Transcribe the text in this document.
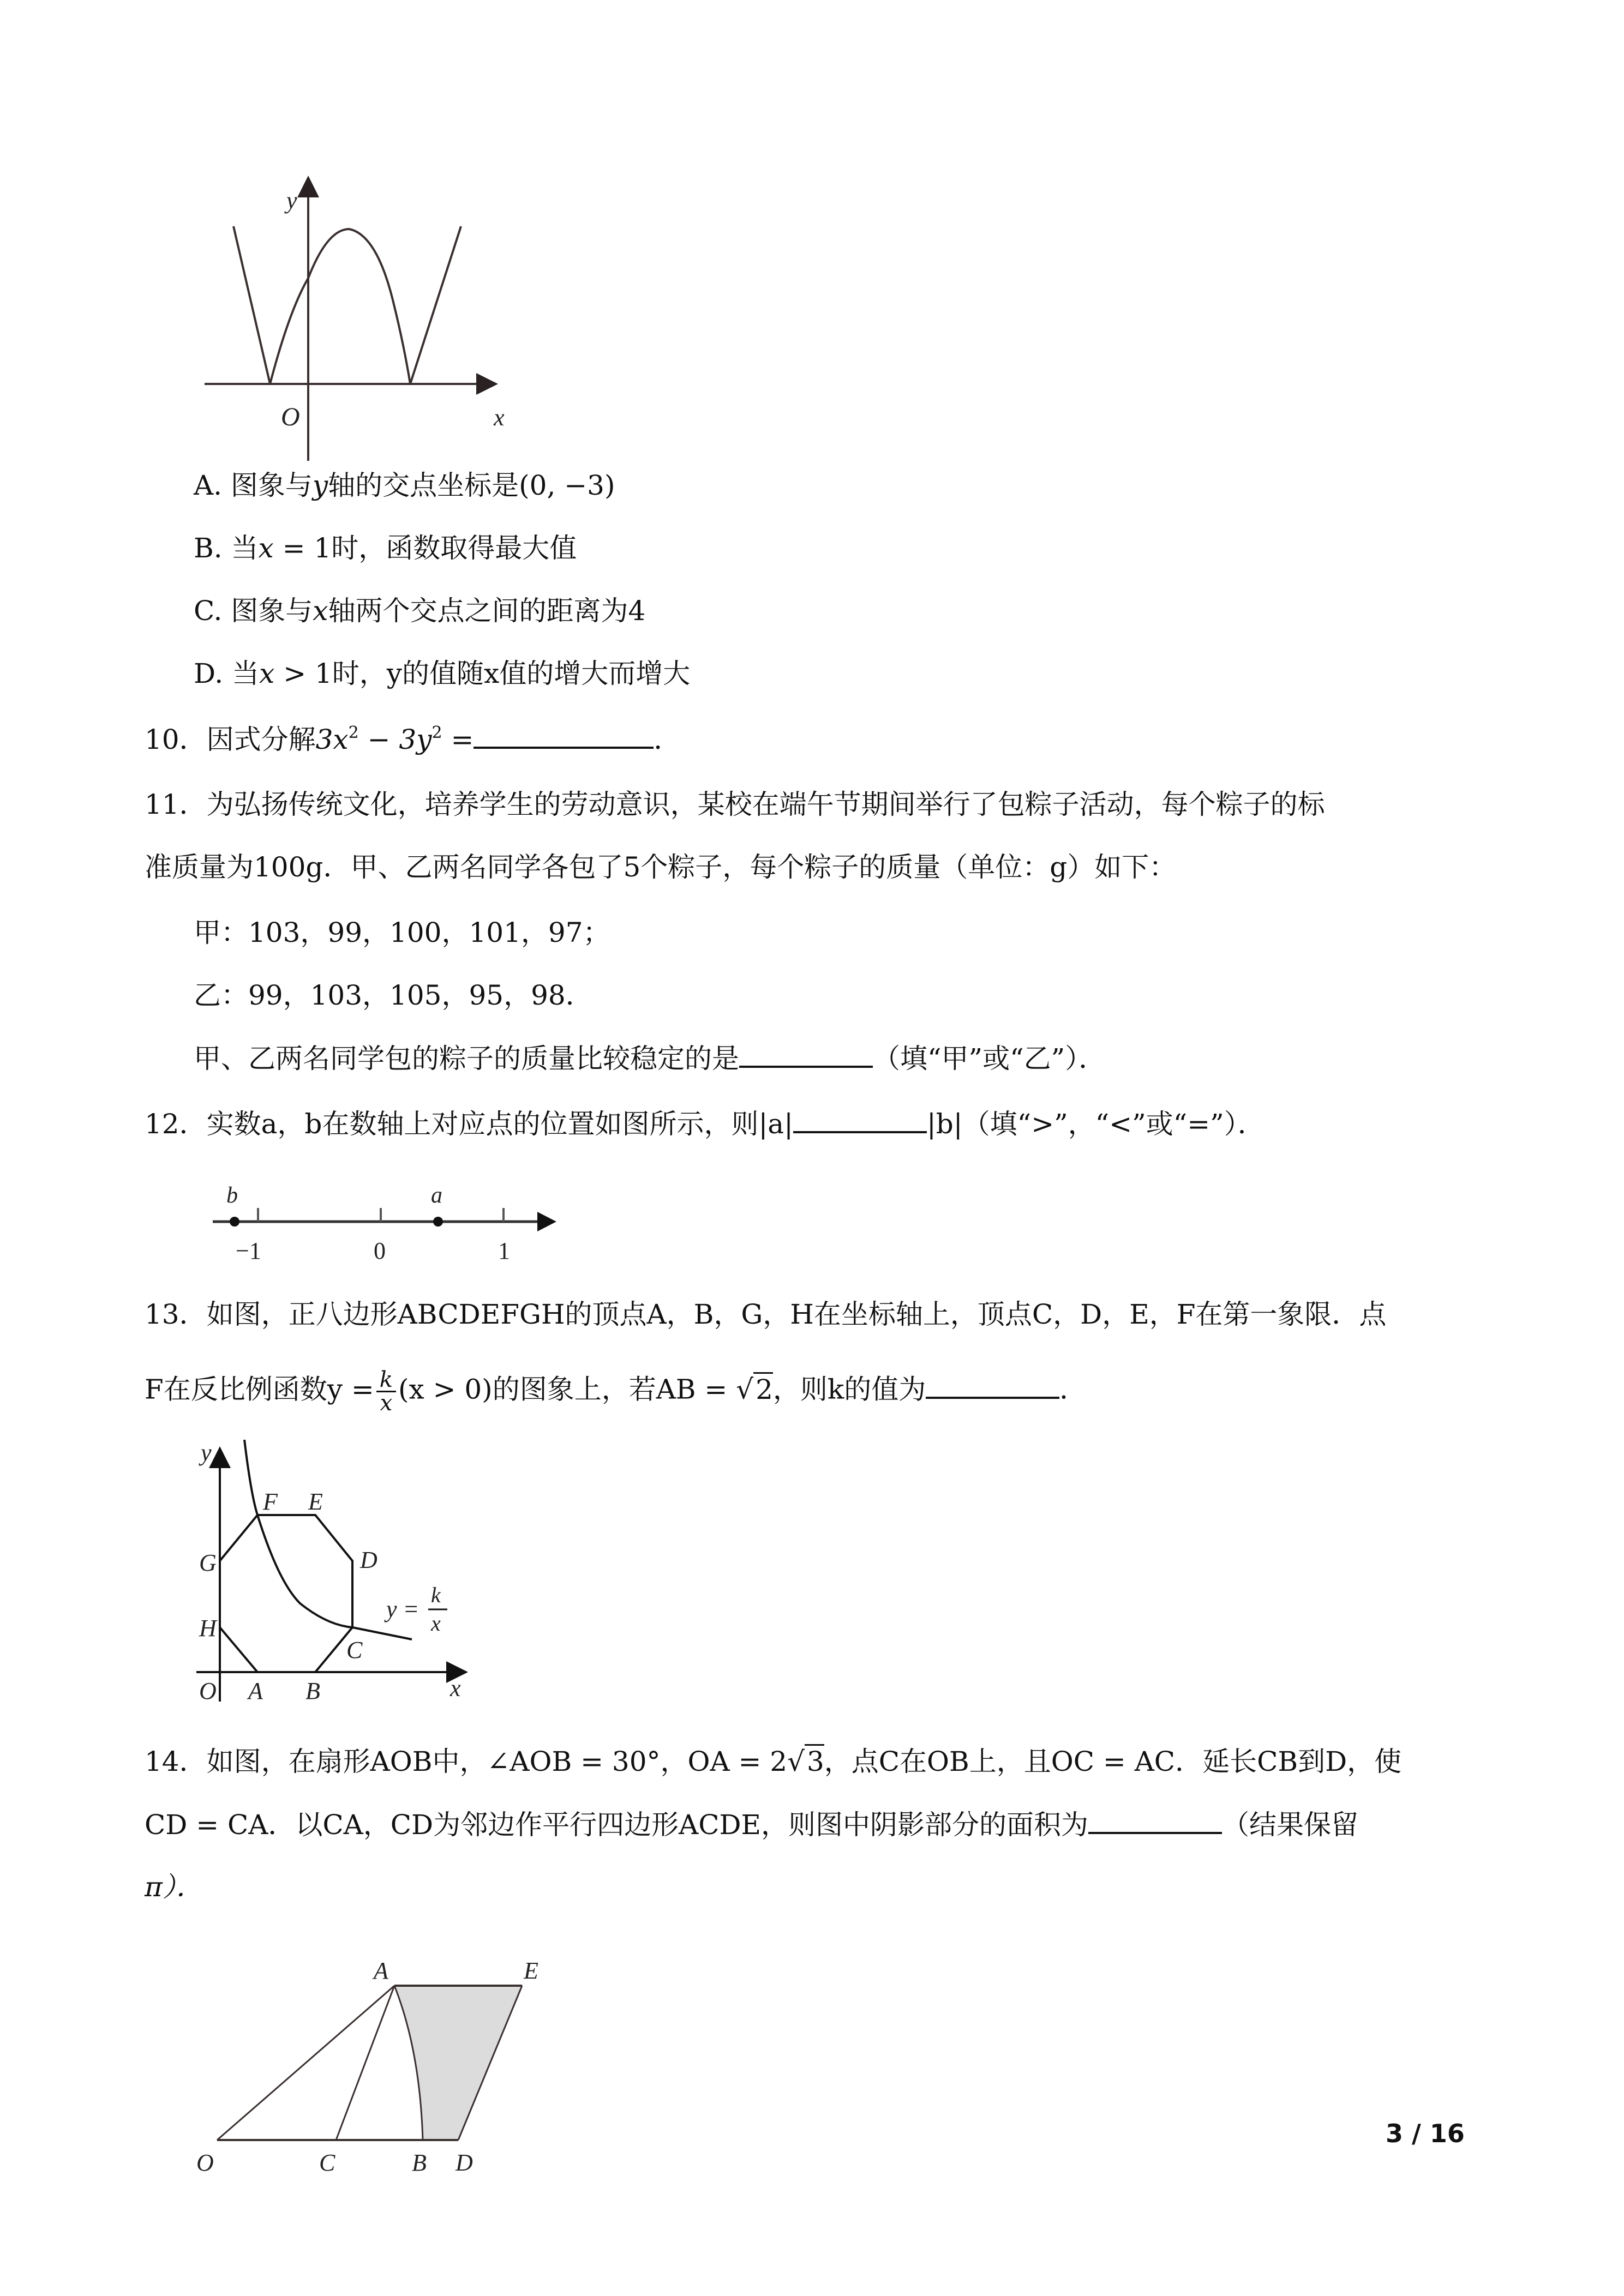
y
x
O
A. 图象与y轴的交点坐标是(0, −3)
B. 当x = 1时，函数取得最大值
C. 图象与x轴两个交点之间的距离为4
D. 当x > 1时，y的值随x值的增大而增大
10．因式分解$3x^2 - 3y^2$ =	．
11．为弘扬传统文化，培养学生的劳动意识，某校在端午节期间举行了包粽子活动，每个粽子的标
准质量为100g．甲、乙两名同学各包了5个粽子，每个粽子的质量（单位：g）如下：
甲：103，99，100，101，97；
乙：99，103，105，95，98．
甲、乙两名同学包的粽子的质量比较稳定的是	（填“甲”或“乙”）．
12．实数a，b在数轴上对应点的位置如图所示，则|a|	|b|（填“>”，“<”或“=”）．
b	a
−1	0	1
13．如图，正八边形ABCDEFGH的顶点A，B，G，H在坐标轴上，顶点C，D，E，F在第一象限．点
F在反比例函数$y = \frac{k}{x} (x > 0)$的图象上，若AB = √2，则k的值为	．
y
x
O A B
C
D
E
F
G
H
y =
k
x
14．如图，在扇形AOB中，∠AOB = 30°，OA = 2√3，点C在OB上，且OC = AC．延长CB到D，使
CD = CA．以CA，CD为邻边作平行四边形ACDE，则图中阴影部分的面积为	（结果保留
π）．
O	C	B D
A	E
3 / 16
